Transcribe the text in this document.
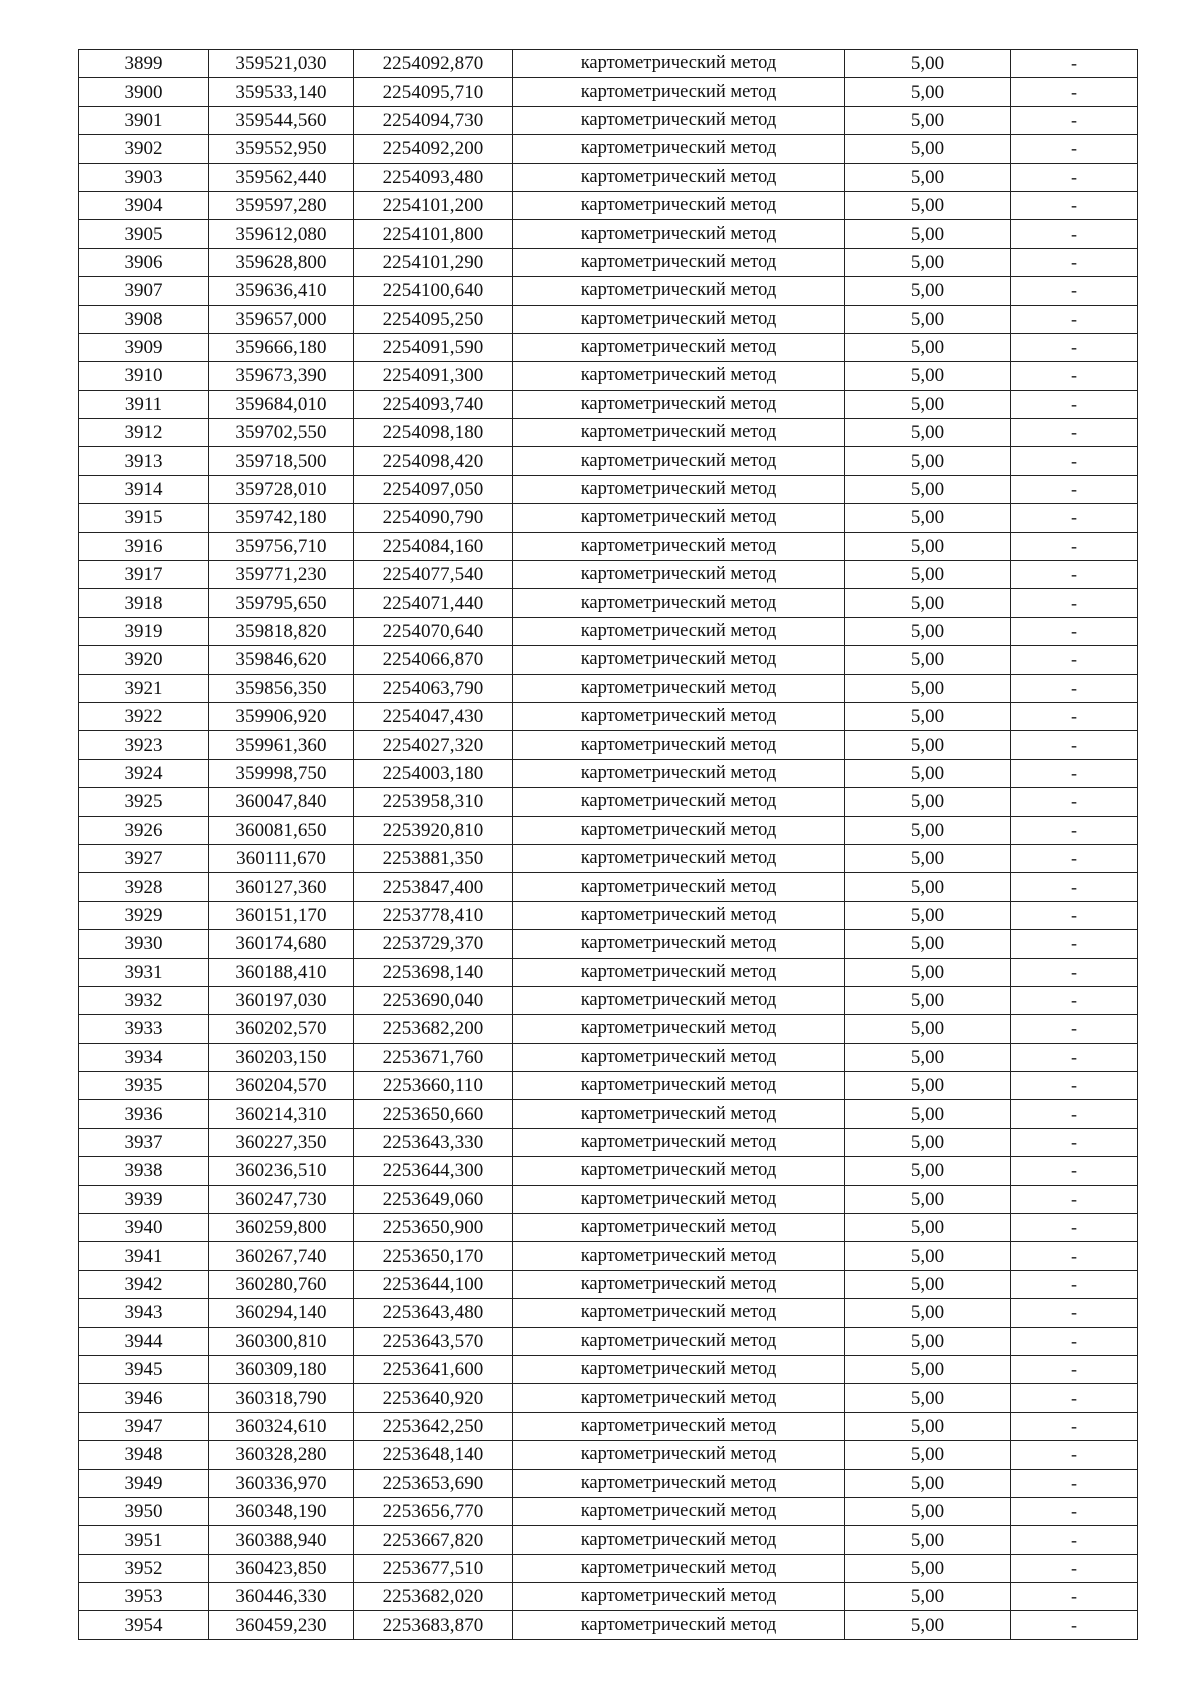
3899	359521,030	2254092,870	картометрический метод	5,00	-
3900	359533,140	2254095,710	картометрический метод	5,00	-
3901	359544,560	2254094,730	картометрический метод	5,00	-
3902	359552,950	2254092,200	картометрический метод	5,00	-
3903	359562,440	2254093,480	картометрический метод	5,00	-
3904	359597,280	2254101,200	картометрический метод	5,00	-
3905	359612,080	2254101,800	картометрический метод	5,00	-
3906	359628,800	2254101,290	картометрический метод	5,00	-
3907	359636,410	2254100,640	картометрический метод	5,00	-
3908	359657,000	2254095,250	картометрический метод	5,00	-
3909	359666,180	2254091,590	картометрический метод	5,00	-
3910	359673,390	2254091,300	картометрический метод	5,00	-
3911	359684,010	2254093,740	картометрический метод	5,00	-
3912	359702,550	2254098,180	картометрический метод	5,00	-
3913	359718,500	2254098,420	картометрический метод	5,00	-
3914	359728,010	2254097,050	картометрический метод	5,00	-
3915	359742,180	2254090,790	картометрический метод	5,00	-
3916	359756,710	2254084,160	картометрический метод	5,00	-
3917	359771,230	2254077,540	картометрический метод	5,00	-
3918	359795,650	2254071,440	картометрический метод	5,00	-
3919	359818,820	2254070,640	картометрический метод	5,00	-
3920	359846,620	2254066,870	картометрический метод	5,00	-
3921	359856,350	2254063,790	картометрический метод	5,00	-
3922	359906,920	2254047,430	картометрический метод	5,00	-
3923	359961,360	2254027,320	картометрический метод	5,00	-
3924	359998,750	2254003,180	картометрический метод	5,00	-
3925	360047,840	2253958,310	картометрический метод	5,00	-
3926	360081,650	2253920,810	картометрический метод	5,00	-
3927	360111,670	2253881,350	картометрический метод	5,00	-
3928	360127,360	2253847,400	картометрический метод	5,00	-
3929	360151,170	2253778,410	картометрический метод	5,00	-
3930	360174,680	2253729,370	картометрический метод	5,00	-
3931	360188,410	2253698,140	картометрический метод	5,00	-
3932	360197,030	2253690,040	картометрический метод	5,00	-
3933	360202,570	2253682,200	картометрический метод	5,00	-
3934	360203,150	2253671,760	картометрический метод	5,00	-
3935	360204,570	2253660,110	картометрический метод	5,00	-
3936	360214,310	2253650,660	картометрический метод	5,00	-
3937	360227,350	2253643,330	картометрический метод	5,00	-
3938	360236,510	2253644,300	картометрический метод	5,00	-
3939	360247,730	2253649,060	картометрический метод	5,00	-
3940	360259,800	2253650,900	картометрический метод	5,00	-
3941	360267,740	2253650,170	картометрический метод	5,00	-
3942	360280,760	2253644,100	картометрический метод	5,00	-
3943	360294,140	2253643,480	картометрический метод	5,00	-
3944	360300,810	2253643,570	картометрический метод	5,00	-
3945	360309,180	2253641,600	картометрический метод	5,00	-
3946	360318,790	2253640,920	картометрический метод	5,00	-
3947	360324,610	2253642,250	картометрический метод	5,00	-
3948	360328,280	2253648,140	картометрический метод	5,00	-
3949	360336,970	2253653,690	картометрический метод	5,00	-
3950	360348,190	2253656,770	картометрический метод	5,00	-
3951	360388,940	2253667,820	картометрический метод	5,00	-
3952	360423,850	2253677,510	картометрический метод	5,00	-
3953	360446,330	2253682,020	картометрический метод	5,00	-
3954	360459,230	2253683,870	картометрический метод	5,00	-
